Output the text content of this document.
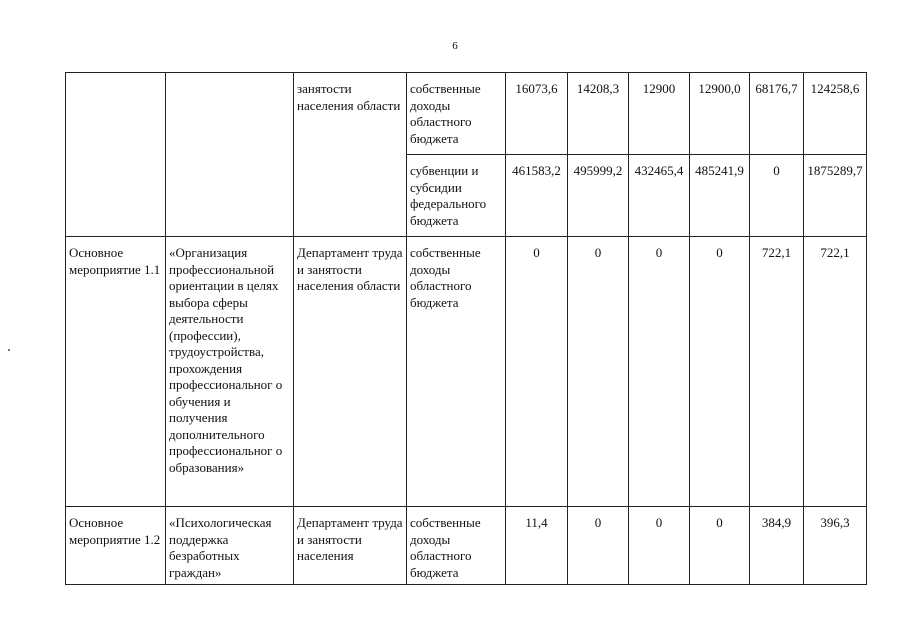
6
		занятости населения области	собственные доходы областного бюджета	16073,6	14208,3	12900	12900,0	68176,7	124258,6
			субвенции и субсидии федерального бюджета	461583,2	495999,2	432465,4	485241,9	0	1875289,7
Основное мероприятие 1.1	«Организация профессиональной ориентации в целях выбора сферы деятельности (профессии), трудоустройства, прохождения профессиональног о обучения и получения дополнительного профессиональног о образования»	Департамент труда и занятости населения области	собственные доходы областного бюджета	0	0	0	0	722,1	722,1
Основное мероприятие 1.2	«Психологическая поддержка безработных граждан»	Департамент труда и занятости населения	собственные доходы областного бюджета	11,4	0	0	0	384,9	396,3
